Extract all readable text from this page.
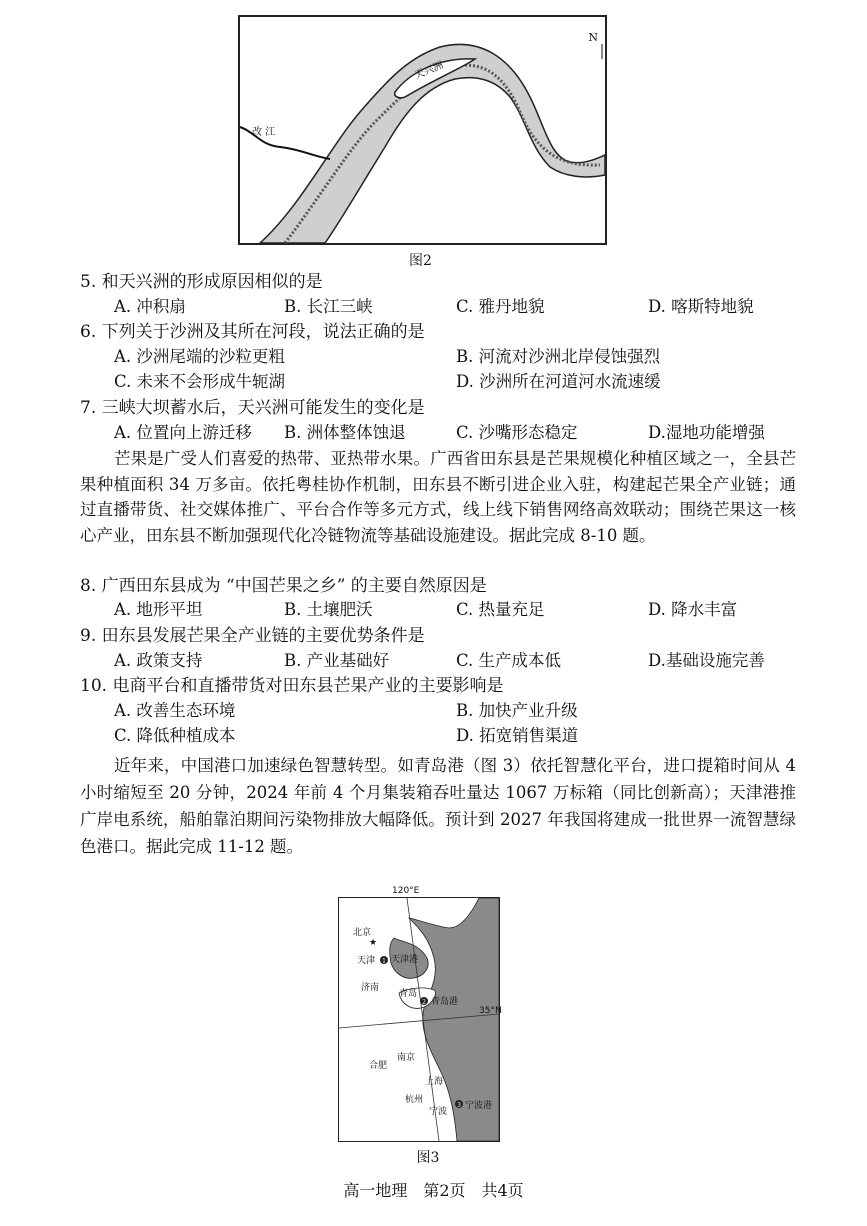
天兴洲
改 江
N
图2
5. 和天兴洲的形成原因相似的是
A. 冲积扇	B. 长江三峡	C. 雅丹地貌	D. 喀斯特地貌
6. 下列关于沙洲及其所在河段，说法正确的是
A. 沙洲尾端的沙粒更粗	B. 河流对沙洲北岸侵蚀强烈
C. 未来不会形成牛轭湖	D. 沙洲所在河道河水流速缓
7. 三峡大坝蓄水后，天兴洲可能发生的变化是
A. 位置向上游迁移 B. 洲体整体蚀退	C. 沙嘴形态稳定	D.湿地功能增强
芒果是广受人们喜爱的热带、亚热带水果。广西省田东县是芒果规模化种植区域之一，全县芒果种植面积 34 万多亩。依托粤桂协作机制，田东县不断引进企业入驻，构建起芒果全产业链；通过直播带货、社交媒体推广、平台合作等多元方式，线上线下销售网络高效联动；围绕芒果这一核心产业，田东县不断加强现代化冷链物流等基础设施建设。据此完成 8-10 题。
8. 广西田东县成为 “中国芒果之乡” 的主要自然原因是
A. 地形平坦	B. 土壤肥沃	C. 热量充足	D. 降水丰富
9. 田东县发展芒果全产业链的主要优势条件是
A. 政策支持	B. 产业基础好	C. 生产成本低	D.基础设施完善
10. 电商平台和直播带货对田东县芒果产业的主要影响是
A. 改善生态环境	B. 加快产业升级
C. 降低种植成本	D. 拓宽销售渠道
近年来，中国港口加速绿色智慧转型。如青岛港（图 3）依托智慧化平台，进口提箱时间从 4 小时缩短至 20 分钟，2024 年前 4 个月集装箱吞吐量达 1067 万标箱（同比创新高）；天津港推广岸电系统，船舶靠泊期间污染物排放大幅降低。预计到 2027 年我国将建成一批世界一流智慧绿色港口。据此完成 11-12 题。
★
1
2
3
北京
天津 天津港
济南
青岛
青岛港
合肥
南京
上海
杭州
宁波
宁波港
35°N
120°E
图3
高一地理　第2页　共4页
